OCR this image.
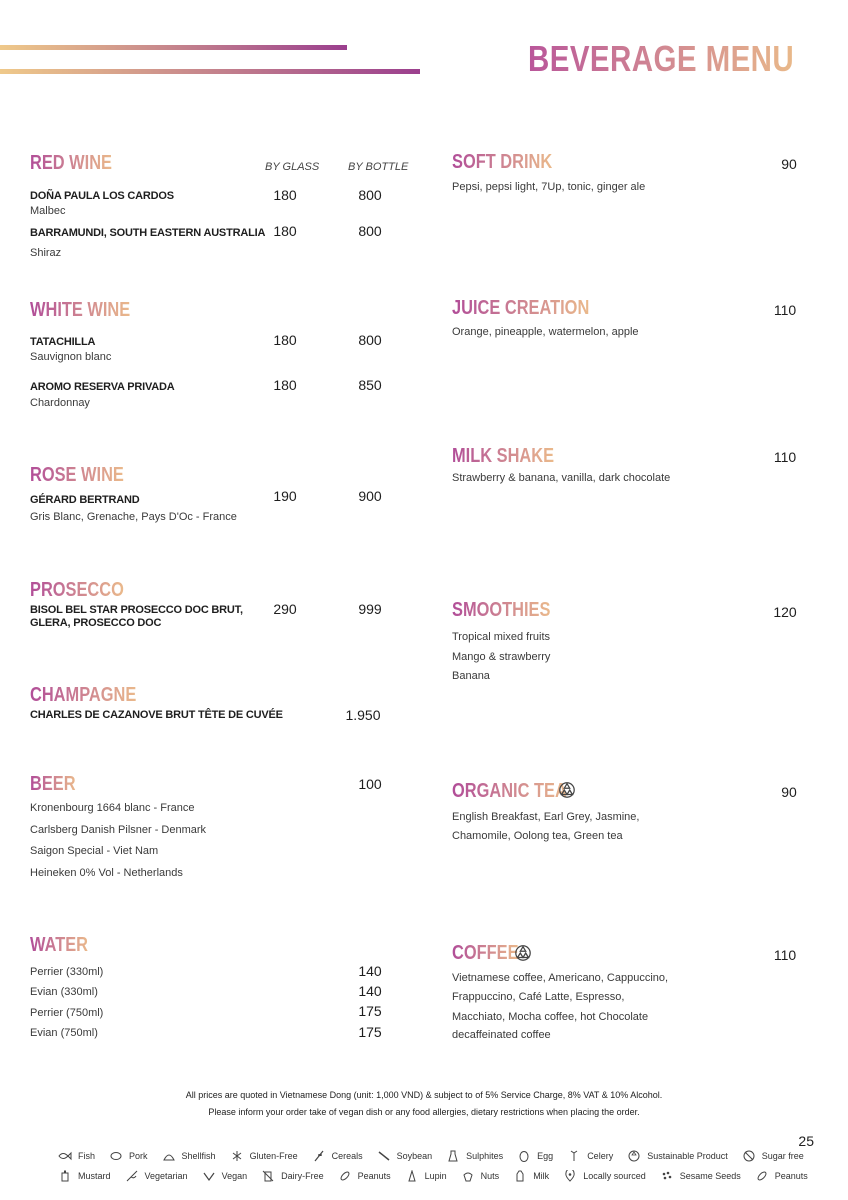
BEVERAGE MENU
RED WINE	BY GLASS	BY BOTTLE
DOÑA PAULA LOS CARDOS
Malbec
180	800
BARRAMUNDI, SOUTH EASTERN AUSTRALIA
Shiraz
180	800
WHITE WINE
TATACHILLA
Sauvignon blanc
180	800
AROMO RESERVA PRIVADA
Chardonnay
180	850
ROSE WINE
GÉRARD BERTRAND
Gris Blanc, Grenache, Pays D'Oc - France
190	900
PROSECCO
BISOL BEL STAR PROSECCO DOC BRUT,
GLERA, PROSECCO DOC
290	999
CHAMPAGNE
CHARLES DE CAZANOVE BRUT TÊTE DE CUVÉE	1.950
BEER	100
Kronenbourg 1664 blanc - France
Carlsberg Danish Pilsner - Denmark
Saigon Special - Viet Nam
Heineken 0% Vol - Netherlands
WATER
Perrier (330ml)	140
Evian (330ml)	140
Perrier (750ml)	175
Evian (750ml)	175
SOFT DRINK	90
Pepsi, pepsi light, 7Up, tonic, ginger ale
JUICE CREATION	110
Orange, pineapple, watermelon, apple
MILK SHAKE	110
Strawberry & banana, vanilla, dark chocolate
SMOOTHIES	120
Tropical mixed fruits
Mango & strawberry
Banana
ORGANIC TEA	90
English Breakfast, Earl Grey, Jasmine,
Chamomile, Oolong tea, Green tea
COFFEE	110
Vietnamese coffee, Americano, Cappuccino,
Frappuccino, Café Latte, Espresso,
Macchiato, Mocha coffee, hot Chocolate
decaffeinated coffee
All prices are quoted in Vietnamese Dong (unit: 1,000 VND) & subject to of 5% Service Charge, 8% VAT & 10% Alcohol.
Please inform your order take of vegan dish or any food allergies, dietary restrictions when placing the order.
25
Fish	Pork	Shellfish	Gluten-Free	Cereals	Soybean	Sulphites	Egg	Celery	Sustainable Product	Sugar free
Mustard	Vegetarian	Vegan	Dairy-Free	Peanuts	Lupin	Nuts	Milk	Locally sourced	Sesame Seeds	Peanuts
